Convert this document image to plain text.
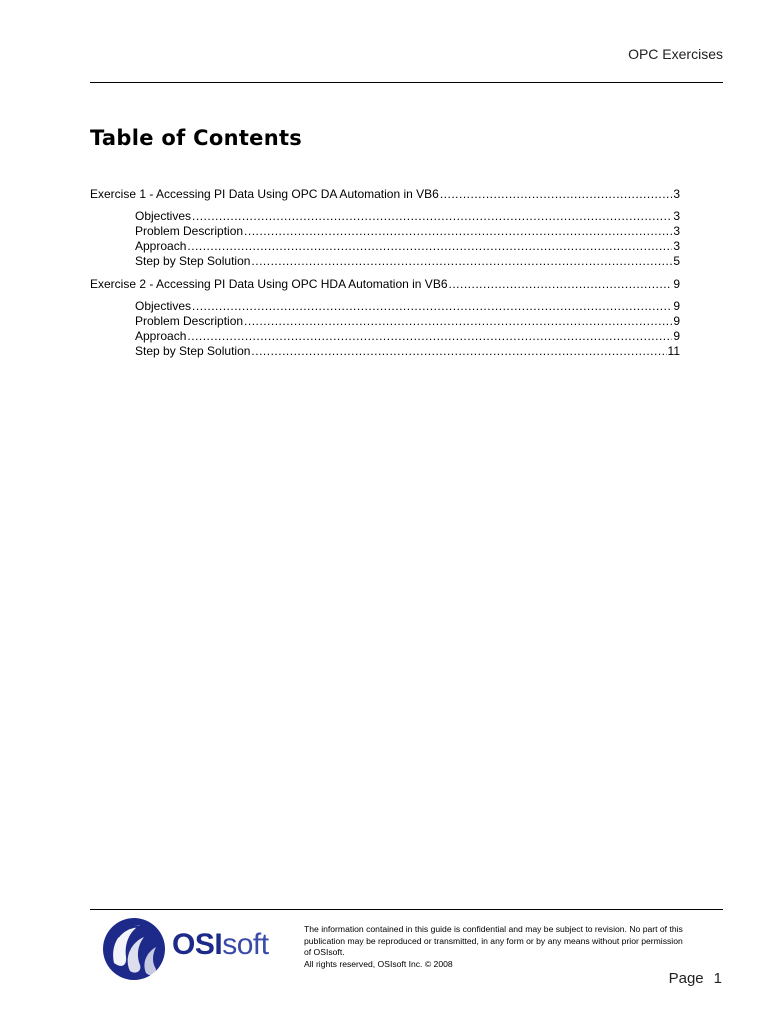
OPC Exercises
Table of Contents
Exercise 1 - Accessing PI Data Using OPC DA Automation in VB6 .....	3
Objectives .....	3
Problem Description .....	3
Approach .....	3
Step by Step Solution .....	5
Exercise 2 - Accessing PI Data Using OPC HDA Automation in VB6 .....	9
Objectives .....	9
Problem Description .....	9
Approach .....	9
Step by Step Solution .....	11
OSIsoft	The information contained in this guide is confidential and may be subject to revision. No part of this
publication may be reproduced or transmitted, in any form or by any means without prior permission
of OSIsoft.
All rights reserved, OSIsoft Inc. © 2008
Page 1
